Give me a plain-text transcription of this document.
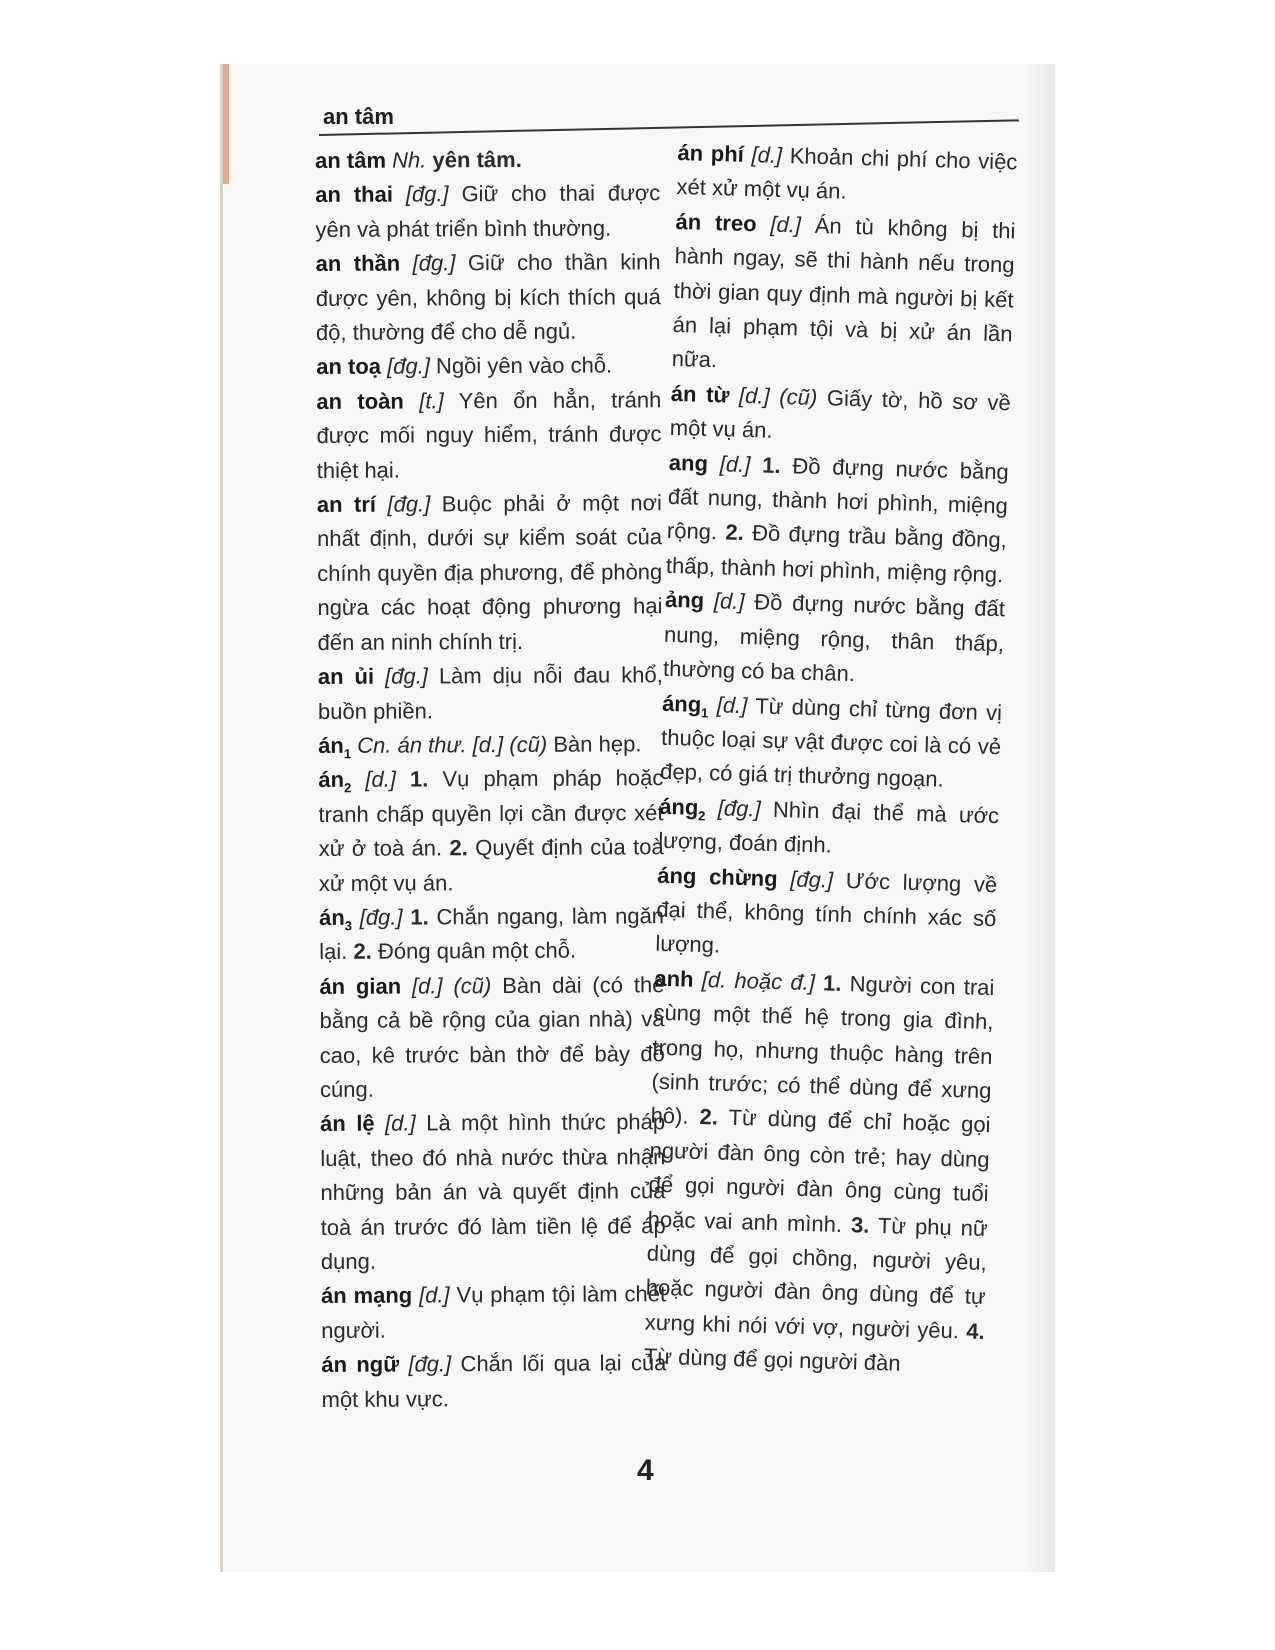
an tâm

an tâm Nh. yên tâm.

an thai [đg.] Giữ cho thai được yên và phát triển bình thường.

an thần [đg.] Giữ cho thần kinh được yên, không bị kích thích quá độ, thường để cho dễ ngủ.

an toạ [đg.] Ngồi yên vào chỗ.

an toàn [t.] Yên ổn hẳn, tránh được mối nguy hiểm, tránh được thiệt hại.

an trí [đg.] Buộc phải ở một nơi nhất định, dưới sự kiểm soát của chính quyền địa phương, để phòng ngừa các hoạt động phương hại đến an ninh chính trị.

an ủi [đg.] Làm dịu nỗi đau khổ, buồn phiền.

$án_1$ Cn. án thư. [d.] (cũ) Bàn hẹp.

$án_2$ [d.] 1. Vụ phạm pháp hoặc tranh chấp quyền lợi cần được xét xử ở toà án. 2. Quyết định của toà xử một vụ án.

$án_3$ [đg.] 1. Chắn ngang, làm ngăn lại. 2. Đóng quân một chỗ.

án gian [d.] (cũ) Bàn dài (có thể bằng cả bề rộng của gian nhà) và cao, kê trước bàn thờ để bày đồ cúng.

án lệ [d.] Là một hình thức pháp luật, theo đó nhà nước thừa nhận những bản án và quyết định của toà án trước đó làm tiền lệ để áp dụng.

án mạng [d.] Vụ phạm tội làm chết người.

án ngữ [đg.] Chắn lối qua lại của một khu vực.

án phí [d.] Khoản chi phí cho việc xét xử một vụ án.

án treo [d.] Án tù không bị thi hành ngay, sẽ thi hành nếu trong thời gian quy định mà người bị kết án lại phạm tội và bị xử án lần nữa.

án từ [d.] (cũ) Giấy tờ, hồ sơ về một vụ án.

ang [d.] 1. Đồ đựng nước bằng đất nung, thành hơi phình, miệng rộng. 2. Đồ đựng trầu bằng đồng, thấp, thành hơi phình, miệng rộng.

ảng [d.] Đồ đựng nước bằng đất nung, miệng rộng, thân thấp, thường có ba chân.

áng$_1$ [d.] Từ dùng chỉ từng đơn vị thuộc loại sự vật được coi là có vẻ đẹp, có giá trị thưởng ngoạn.

áng$_2$ [đg.] Nhìn đại thể mà ước lượng, đoán định.

áng chừng [đg.] Ước lượng về đại thể, không tính chính xác số lượng.

anh [d. hoặc đ.] 1. Người con trai cùng một thế hệ trong gia đình, trong họ, nhưng thuộc hàng trên (sinh trước; có thể dùng để xưng hô). 2. Từ dùng để chỉ hoặc gọi người đàn ông còn trẻ; hay dùng để gọi người đàn ông cùng tuổi hoặc vai anh mình. 3. Từ phụ nữ dùng để gọi chồng, người yêu, hoặc người đàn ông dùng để tự xưng khi nói với vợ, người yêu. 4. Từ dùng để gọi người đàn

4
